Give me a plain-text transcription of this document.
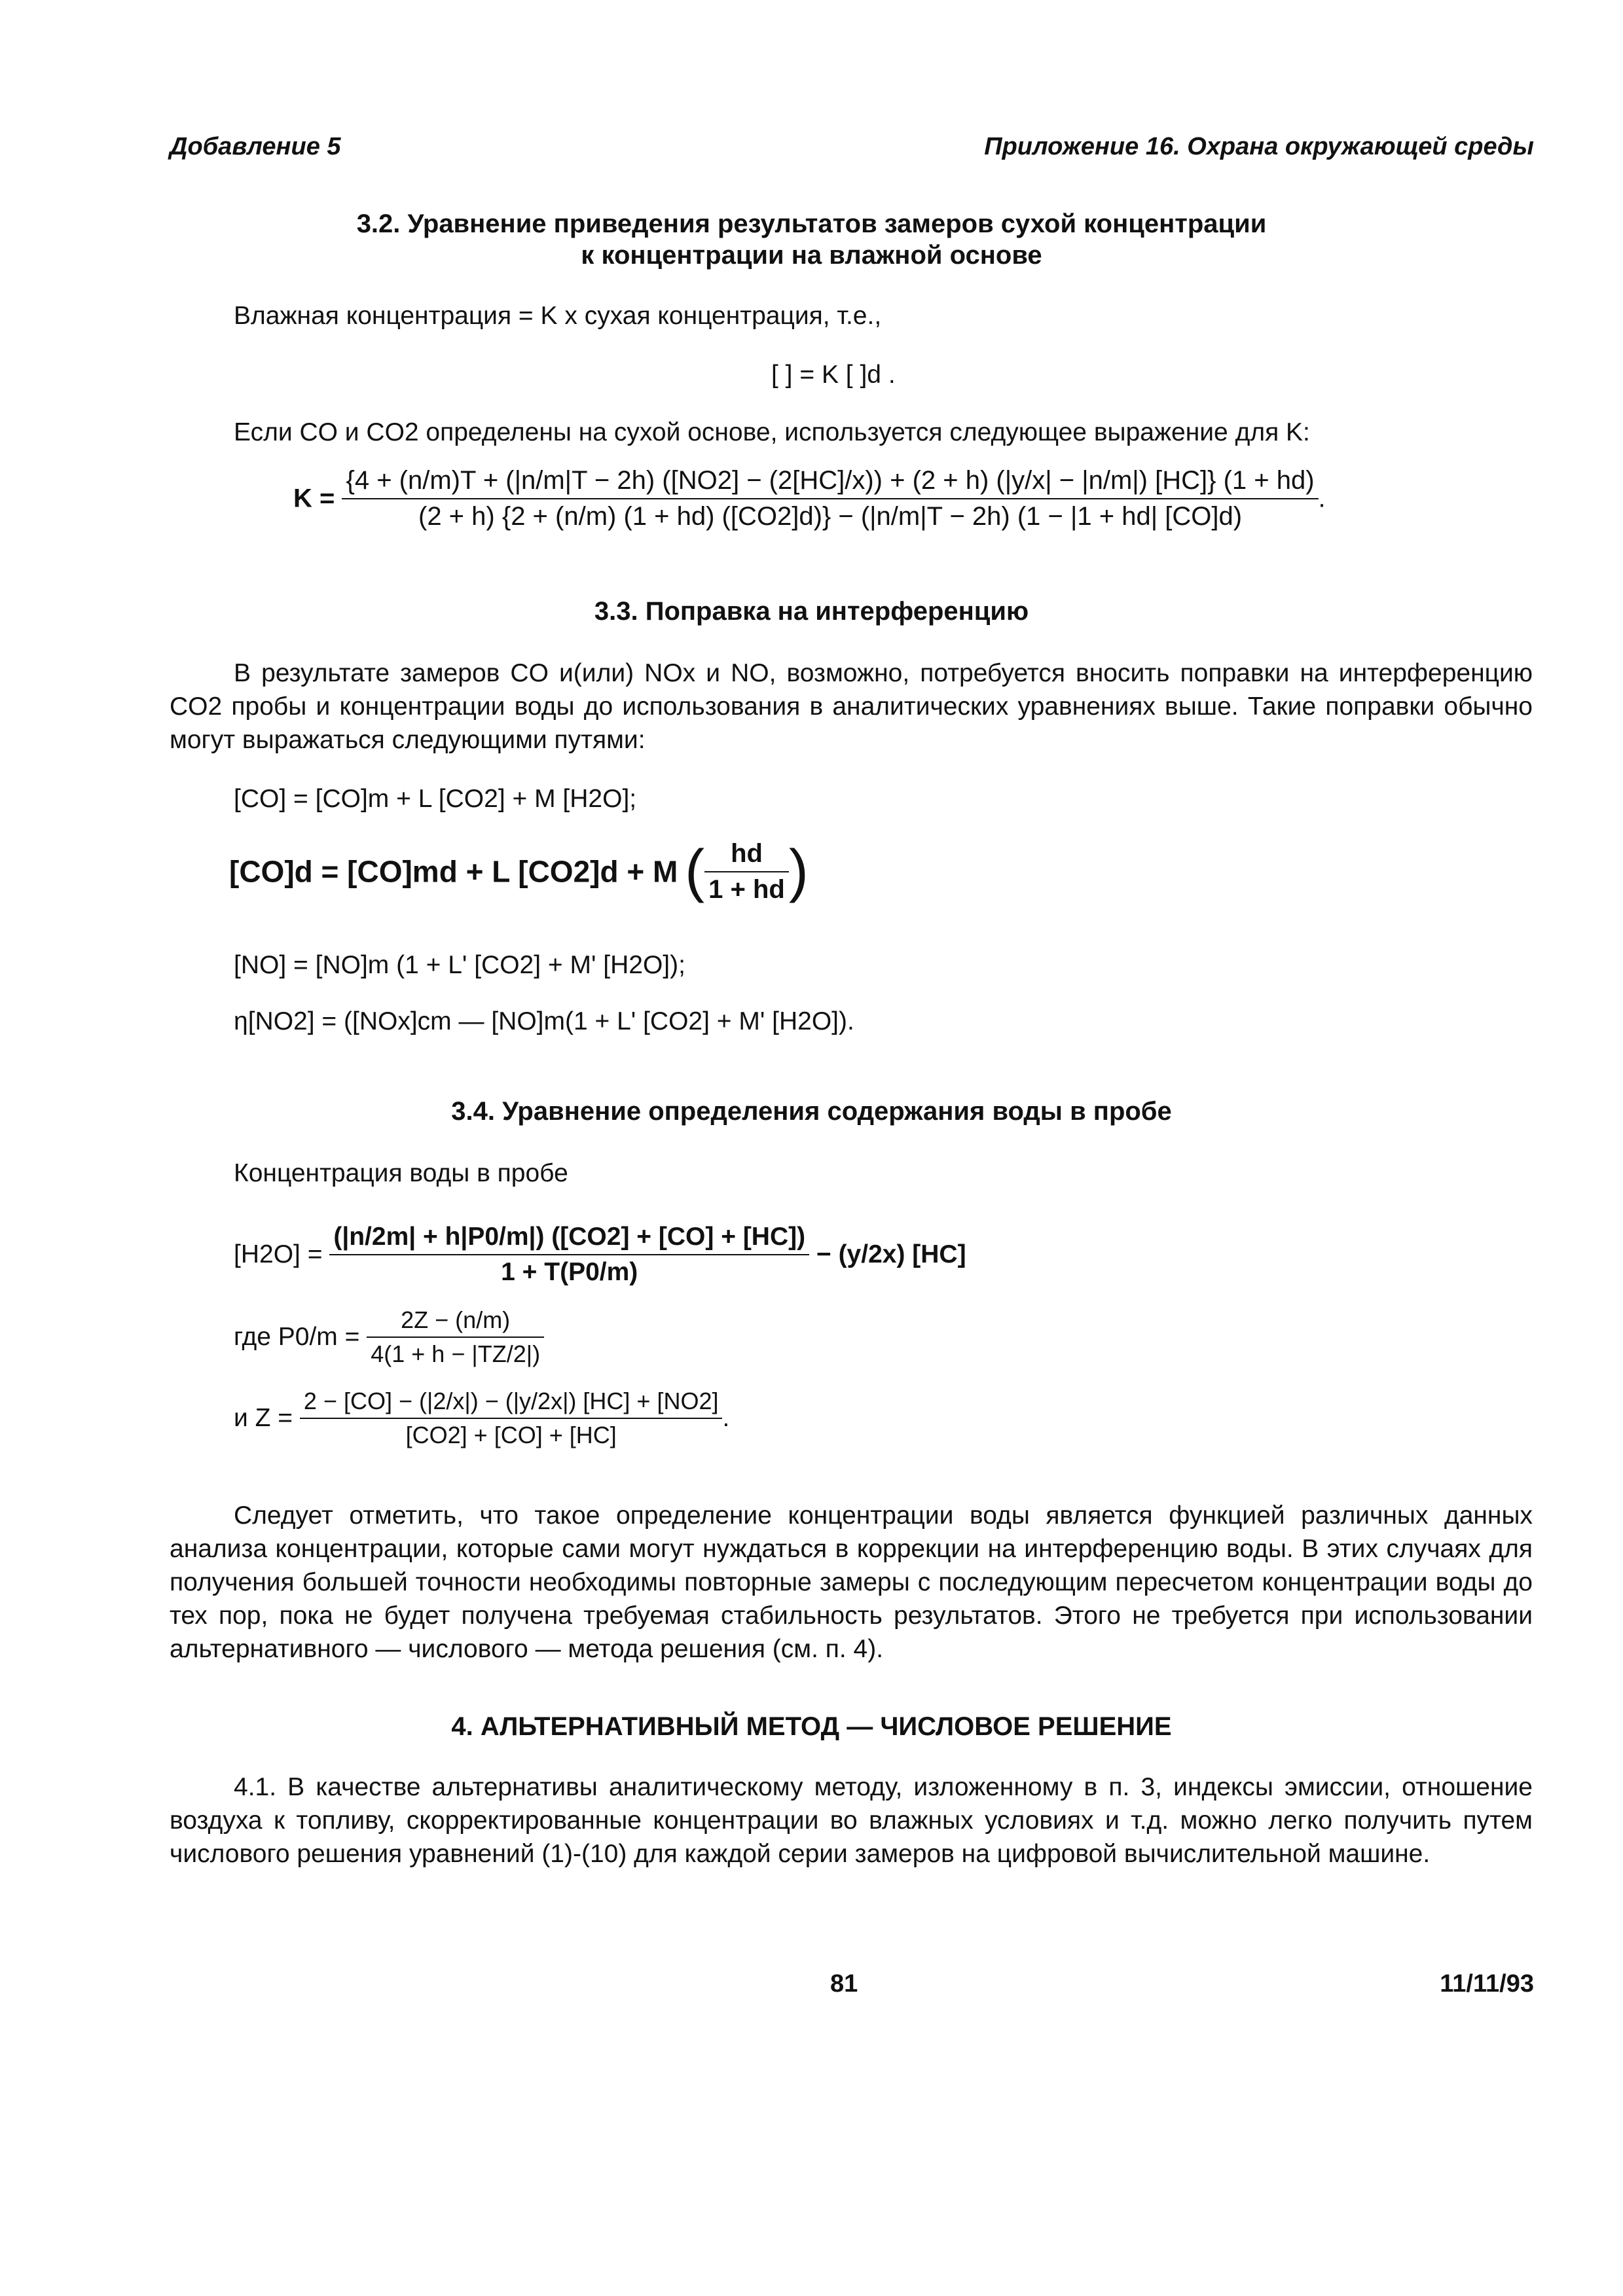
Добавление 5	Приложение 16. Охрана окружающей среды
3.2. Уравнение приведения результатов замеров сухой концентрации
к концентрации на влажной основе
Влажная концентрация = K x сухая концентрация, т.е.,
[ ] = K [ ]d .
Если CO и CO2 определены на сухой основе, используется следующее выражение для K:
K =
{4 + (n/m)T + (|n/m|T − 2h) ([NO2] − (2[HC]/x)) + (2 + h) (|y/x| − |n/m|) [HC]} (1 + hd)
(2 + h) {2 + (n/m) (1 + hd) ([CO2]d)} − (|n/m|T − 2h) (1 − |1 + hd| [CO]d)
.
3.3. Поправка на интерференцию
В результате замеров CO и(или) NOx и NO, возможно, потребуется вносить поправки на интерференцию CO2 пробы и концентрации воды до использования в аналитических уравнениях выше. Такие поправки обычно могут выражаться следующими путями:
[CO] = [CO]m + L [CO2] + M [H2O];
[CO]d = [CO]md + L [CO2]d + M ( $\frac{hd}{1 + hd}$ )
[NO] = [NO]m (1 + L' [CO2] + M' [H2O]);
η[NO2] = ([NOx]cm — [NO]m(1 + L' [CO2] + M' [H2O]).
3.4. Уравнение определения содержания воды в пробе
Концентрация воды в пробе
$[H2O] = \frac{(|n/2m| + h|P0/m|) ([CO2] + [CO] + [HC])}{1 + T(P0/m)} - (y/2x)$ [HC]
где $P0/m = \frac{2Z - (n/m)}{4(1 + h - |TZ/2|)}$
и $Z = \frac{2 - [CO] - (|2/x|) - (|y/2x|) [HC] + [NO2]}{[CO2] + [CO] + [HC]}$ .
Следует отметить, что такое определение концентрации воды является функцией различных данных анализа концентрации, которые сами могут нуждаться в коррекции на интерференцию воды. В этих случаях для получения большей точности необходимы повторные замеры с последующим пересчетом концентрации воды до тех пор, пока не будет получена требуемая стабильность результатов. Этого не требуется при использовании альтернативного — числового — метода решения (см. п. 4).
4. АЛЬТЕРНАТИВНЫЙ МЕТОД — ЧИСЛОВОЕ РЕШЕНИЕ
4.1. В качестве альтернативы аналитическому методу, изложенному в п. 3, индексы эмиссии, отношение воздуха к топливу, скорректированные концентрации во влажных условиях и т.д. можно легко получить путем числового решения уравнений (1)-(10) для каждой серии замеров на цифровой вычислительной машине.
81	11/11/93
